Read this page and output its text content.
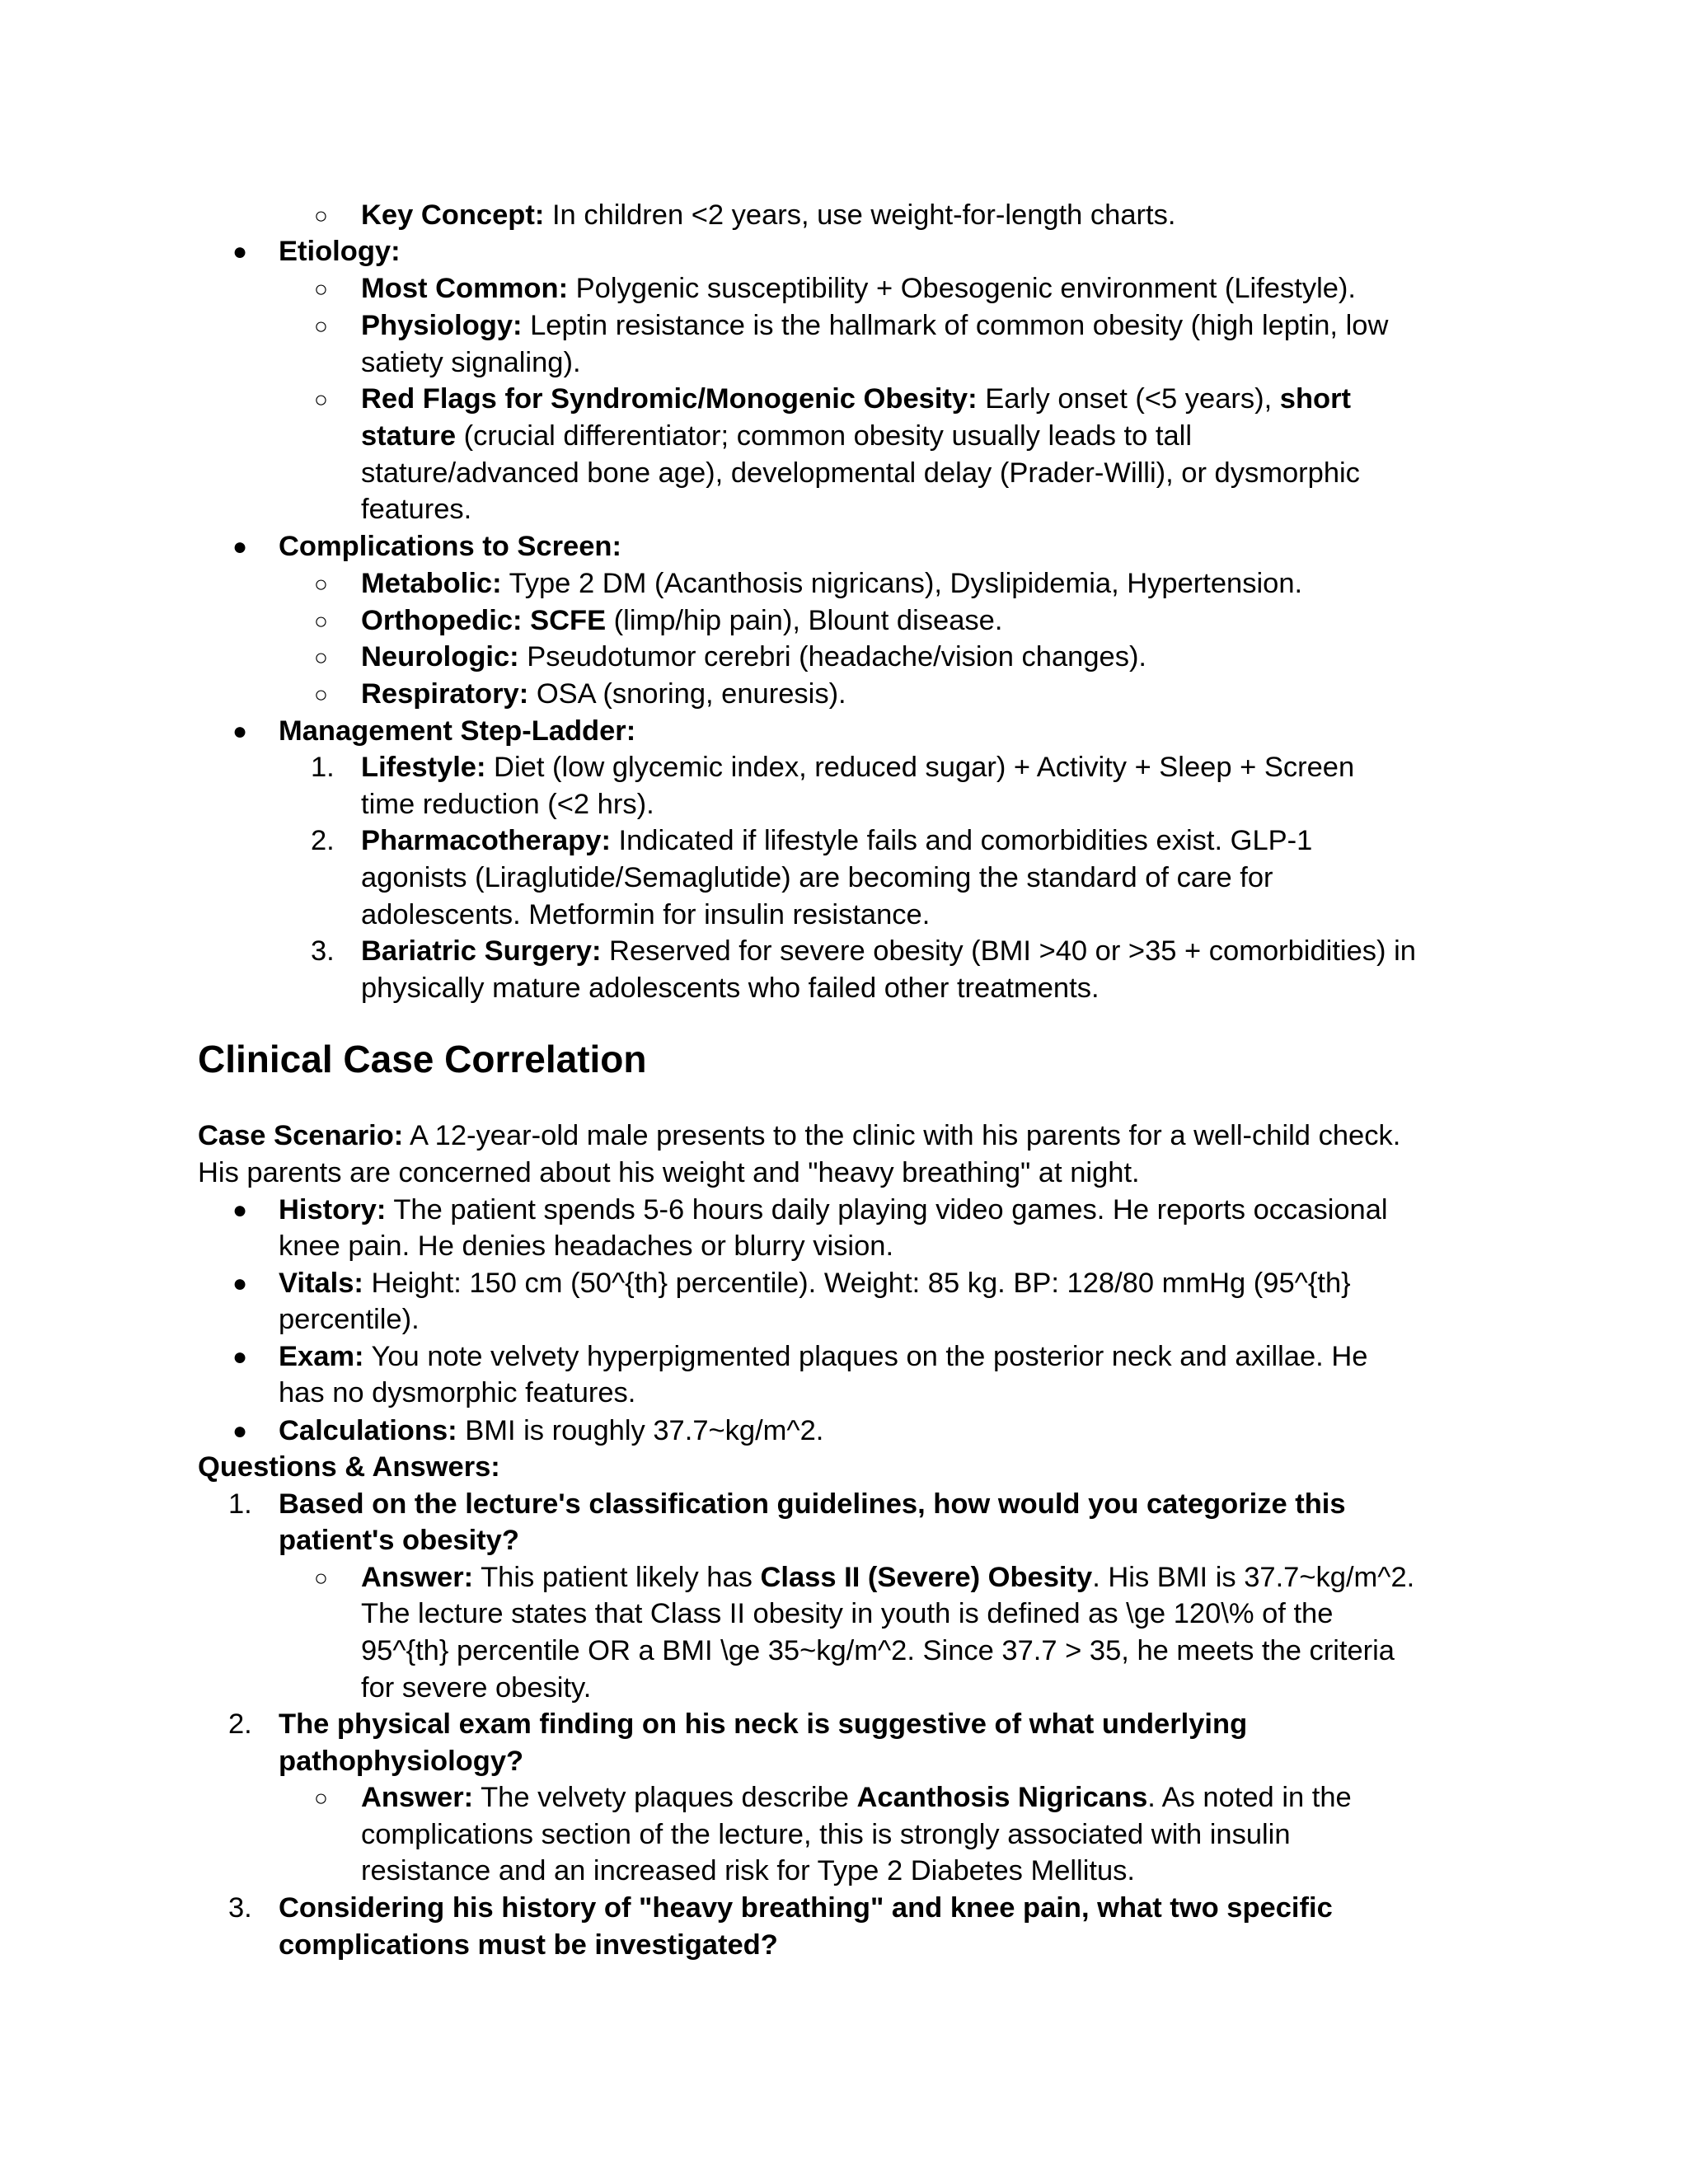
○ Key Concept: In children <2 years, use weight-for-length charts.
● Etiology:
○ Most Common: Polygenic susceptibility + Obesogenic environment (Lifestyle).
○ Physiology: Leptin resistance is the hallmark of common obesity (high leptin, low
satiety signaling).
○ Red Flags for Syndromic/Monogenic Obesity: Early onset (<5 years), short
stature (crucial differentiator; common obesity usually leads to tall
stature/advanced bone age), developmental delay (Prader-Willi), or dysmorphic
features.
● Complications to Screen:
○ Metabolic: Type 2 DM (Acanthosis nigricans), Dyslipidemia, Hypertension.
○ Orthopedic: SCFE (limp/hip pain), Blount disease.
○ Neurologic: Pseudotumor cerebri (headache/vision changes).
○ Respiratory: OSA (snoring, enuresis).
● Management Step-Ladder:
1. Lifestyle: Diet (low glycemic index, reduced sugar) + Activity + Sleep + Screen
time reduction (<2 hrs).
2. Pharmacotherapy: Indicated if lifestyle fails and comorbidities exist. GLP-1
agonists (Liraglutide/Semaglutide) are becoming the standard of care for
adolescents. Metformin for insulin resistance.
3. Bariatric Surgery: Reserved for severe obesity (BMI >40 or >35 + comorbidities) in
physically mature adolescents who failed other treatments.
Clinical Case Correlation
Case Scenario: A 12-year-old male presents to the clinic with his parents for a well-child check.
His parents are concerned about his weight and "heavy breathing" at night.
● History: The patient spends 5-6 hours daily playing video games. He reports occasional
knee pain. He denies headaches or blurry vision.
● Vitals: Height: 150 cm (50^{th} percentile). Weight: 85 kg. BP: 128/80 mmHg (95^{th}
percentile).
● Exam: You note velvety hyperpigmented plaques on the posterior neck and axillae. He
has no dysmorphic features.
● Calculations: BMI is roughly 37.7~kg/m^2.
Questions & Answers:
1. Based on the lecture's classification guidelines, how would you categorize this
patient's obesity?
○ Answer: This patient likely has Class II (Severe) Obesity. His BMI is 37.7~kg/m^2.
The lecture states that Class II obesity in youth is defined as \ge 120\% of the
95^{th} percentile OR a BMI \ge 35~kg/m^2. Since 37.7 > 35, he meets the criteria
for severe obesity.
2. The physical exam finding on his neck is suggestive of what underlying
pathophysiology?
○ Answer: The velvety plaques describe Acanthosis Nigricans. As noted in the
complications section of the lecture, this is strongly associated with insulin
resistance and an increased risk for Type 2 Diabetes Mellitus.
3. Considering his history of "heavy breathing" and knee pain, what two specific
complications must be investigated?
